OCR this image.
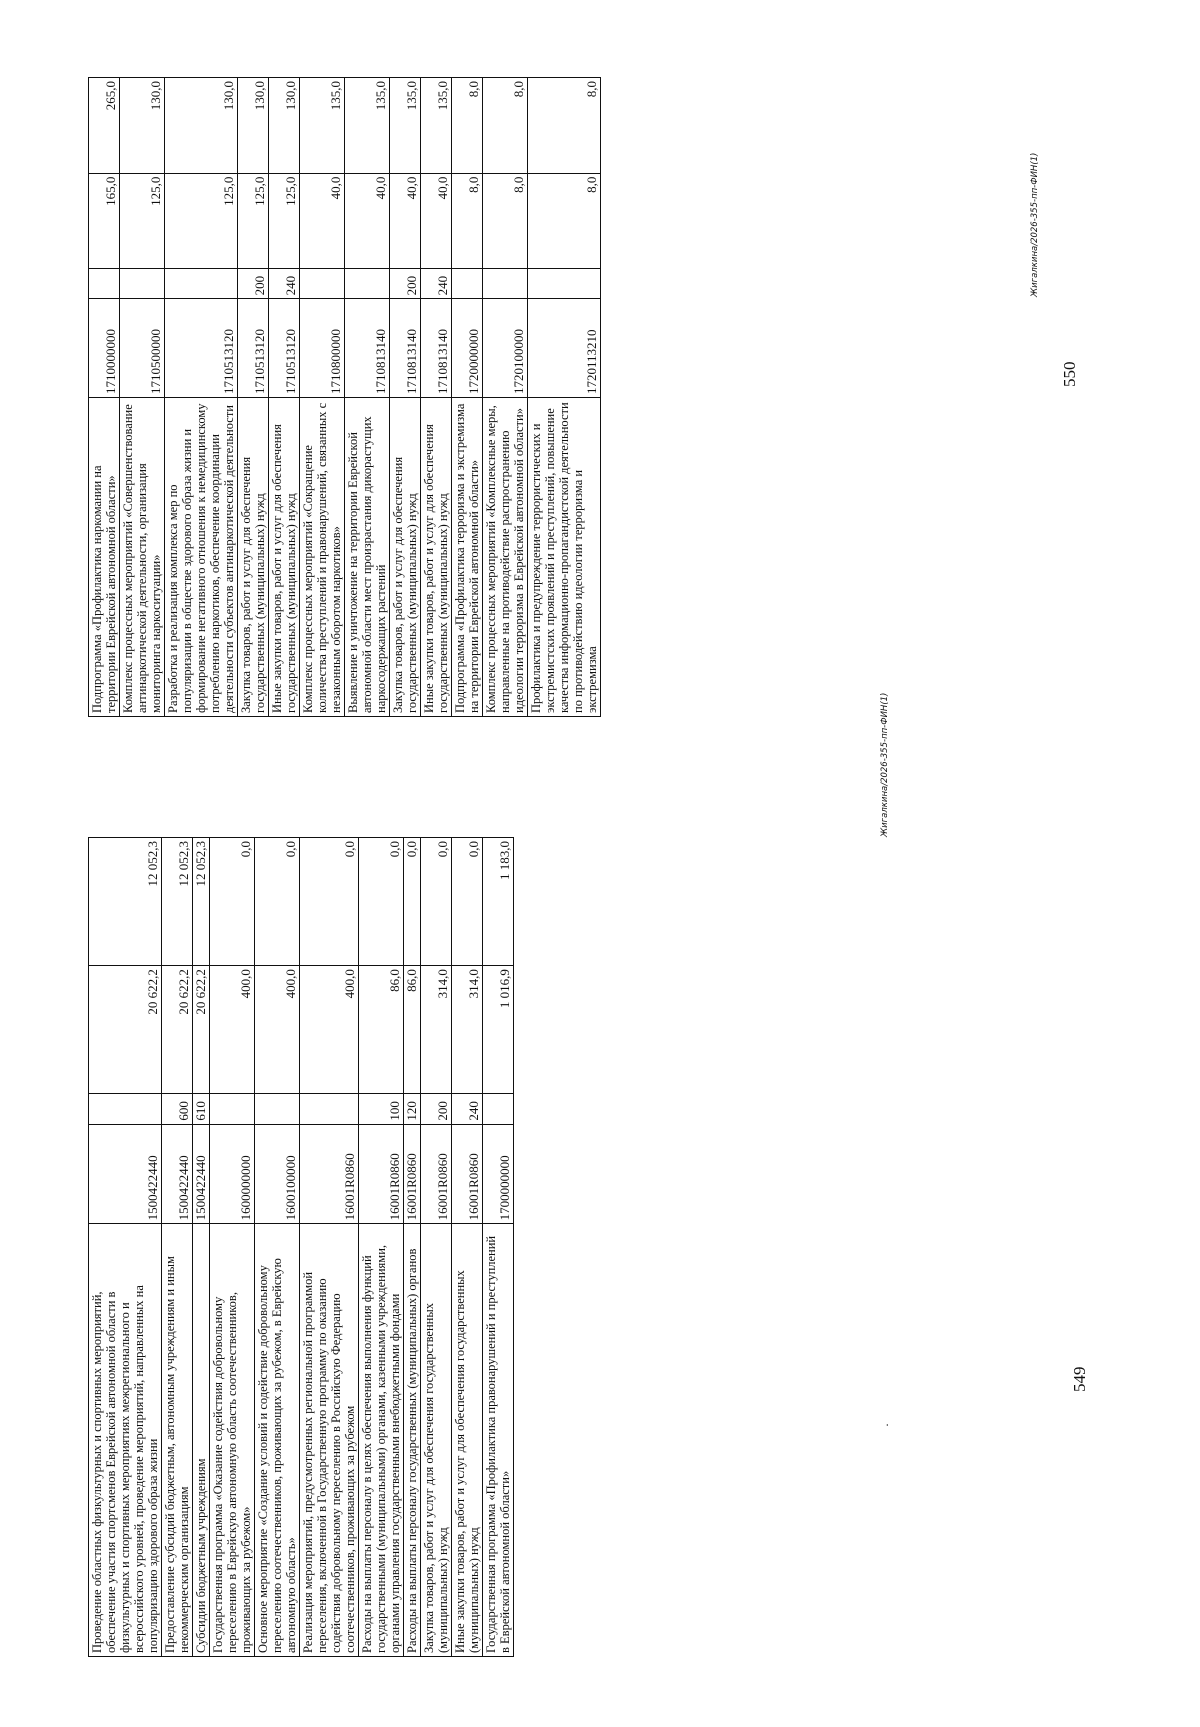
549
Проведение областных физкультурных и спортивных мероприятий, обеспечение участия спортсменов Еврейской автономной области в физкультурных и спортивных мероприятиях межрегионального и всероссийского уровней, проведение мероприятий, направленных на популяризацию здорового образа жизни	1500422440		20 622,2	12 052,3
Предоставление субсидий бюджетным, автономным учреждениям и иным некоммерческим организациям	1500422440	600	20 622,2	12 052,3
Субсидии бюджетным учреждениям	1500422440	610	20 622,2	12 052,3
Государственная программа «Оказание содействия добровольному переселению в Еврейскую автономную область соотечественников, проживающих за рубежом»	1600000000		400,0	0,0
Основное мероприятие «Создание условий и содействие добровольному переселению соотечественников, проживающих за рубежом, в Еврейскую автономную область»	1600100000		400,0	0,0
Реализация мероприятий, предусмотренных региональной программой переселения, включенной в Государственную программу по оказанию содействия добровольному переселению в Российскую Федерацию соотечественников, проживающих за рубежом	16001R0860		400,0	0,0
Расходы на выплаты персоналу в целях обеспечения выполнения функций государственными (муниципальными) органами, казенными учреждениями, органами управления государственными внебюджетными фондами	16001R0860	100	86,0	0,0
Расходы на выплаты персоналу государственных (муниципальных) органов	16001R0860	120	86,0	0,0
Закупка товаров, работ и услуг для обеспечения государственных (муниципальных) нужд	16001R0860	200	314,0	0,0
Иные закупки товаров, работ и услуг для обеспечения государственных (муниципальных) нужд	16001R0860	240	314,0	0,0
Государственная программа «Профилактика правонарушений и преступлений в Еврейской автономной области»	1700000000		1 016,9	1 183,0
Жигалкина/2026-355-пп-ФИН(1)
·
550
Подпрограмма «Профилактика наркомании на территории Еврейской автономной области»	1710000000		165,0	265,0
Комплекс процессных мероприятий «Совершенствование антинаркотической деятельности, организация мониторинга наркоситуации»	1710500000		125,0	130,0
Разработка и реализация комплекса мер по популяризации в обществе здорового образа жизни и формирование негативного отношения к немедицинскому потреблению наркотиков, обеспечение координации деятельности субъектов антинаркотической деятельности	1710513120		125,0	130,0
Закупка товаров, работ и услуг для обеспечения государственных (муниципальных) нужд	1710513120	200	125,0	130,0
Иные закупки товаров, работ и услуг для обеспечения государственных (муниципальных) нужд	1710513120	240	125,0	130,0
Комплекс процессных мероприятий «Сокращение количества преступлений и правонарушений, связанных с незаконным оборотом наркотиков»	1710800000		40,0	135,0
Выявление и уничтожение на территории Еврейской автономной области мест произрастания дикорастущих наркосодержащих растений	1710813140		40,0	135,0
Закупка товаров, работ и услуг для обеспечения государственных (муниципальных) нужд	1710813140	200	40,0	135,0
Иные закупки товаров, работ и услуг для обеспечения государственных (муниципальных) нужд	1710813140	240	40,0	135,0
Подпрограмма «Профилактика терроризма и экстремизма на территории Еврейской автономной области»	1720000000		8,0	8,0
Комплекс процессных мероприятий «Комплексные меры, направленные на противодействие распространению идеологии терроризма в Еврейской автономной области»	1720100000		8,0	8,0
Профилактика и предупреждение террористических и экстремистских проявлений и преступлений, повышение качества информационно-пропагандистской деятельности по противодействию идеологии терроризма и экстремизма	1720113210		8,0	8,0
Жигалкина/2026-355-пп-ФИН(1)
